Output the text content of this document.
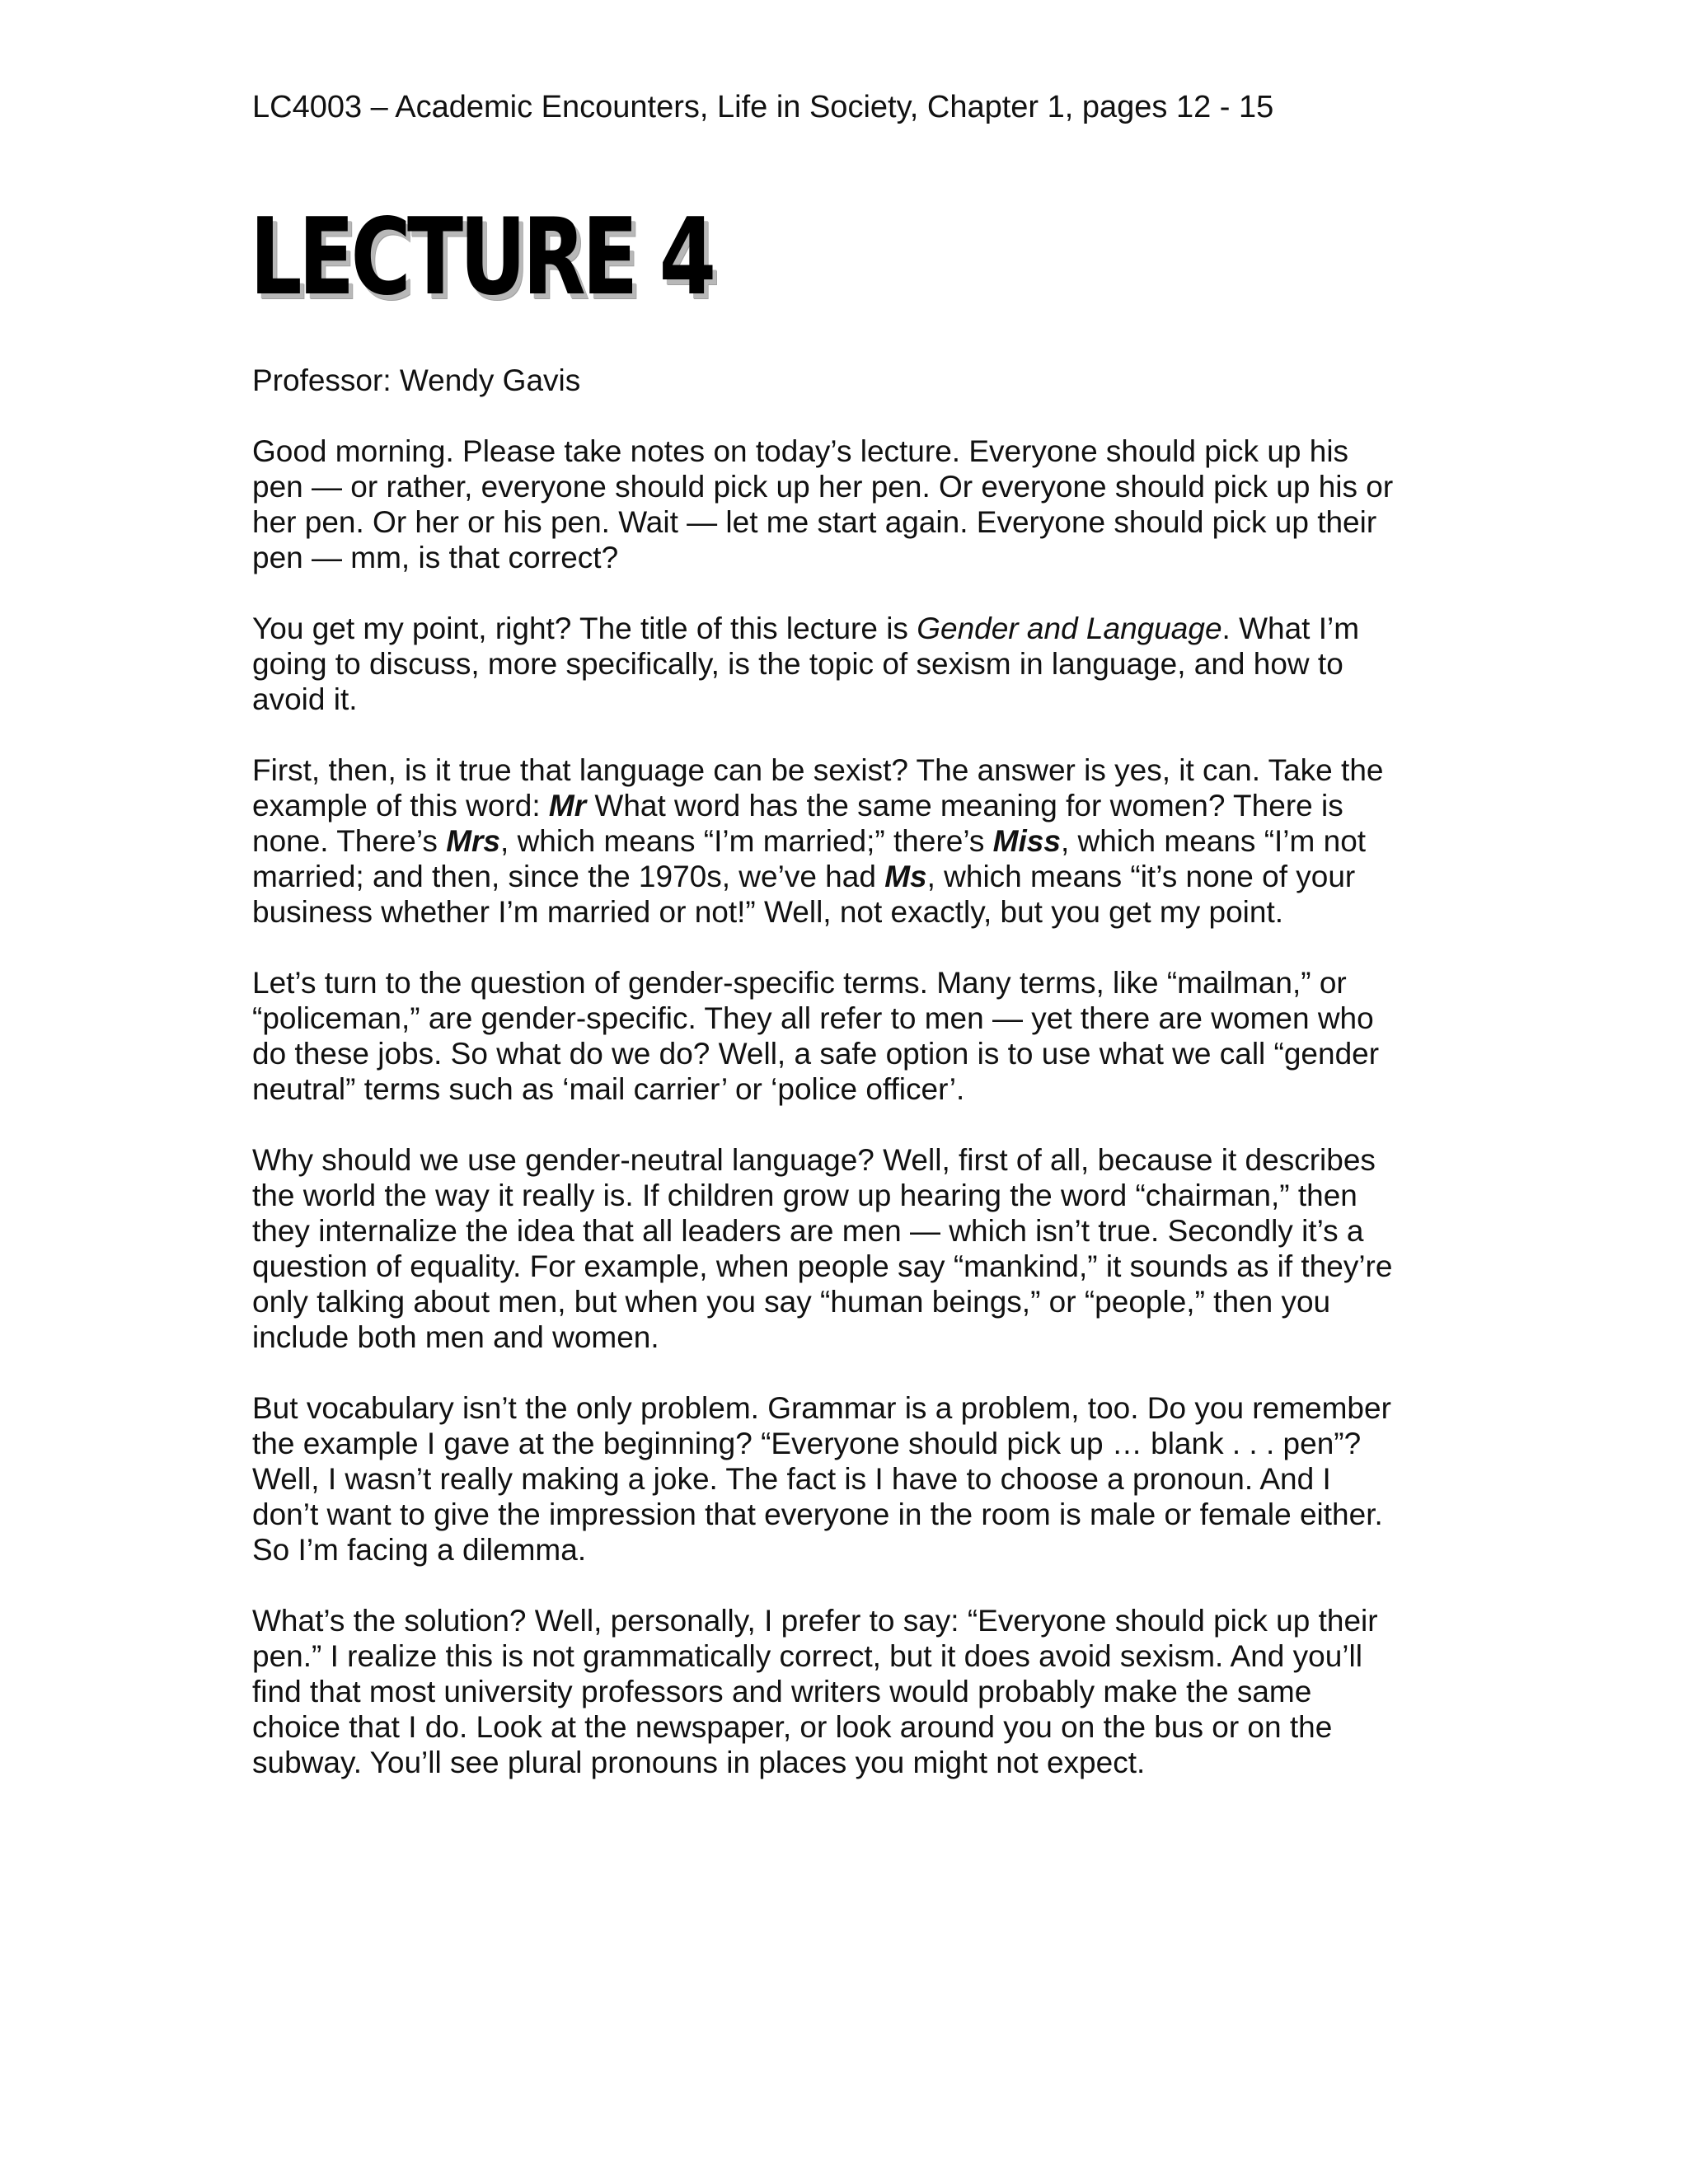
LC4003 – Academic Encounters, Life in Society, Chapter 1, pages 12 - 15
LECTURE 4

Professor: Wendy Gavis

Good morning. Please take notes on today’s lecture. Everyone should pick up his
pen — or rather, everyone should pick up her pen. Or everyone should pick up his or
her pen. Or her or his pen. Wait — let me start again. Everyone should pick up their
pen — mm, is that correct?

You get my point, right? The title of this lecture is Gender and Language. What I’m
going to discuss, more specifically, is the topic of sexism in language, and how to
avoid it.

First, then, is it true that language can be sexist? The answer is yes, it can. Take the
example of this word: Mr What word has the same meaning for women? There is
none. There’s Mrs, which means “I’m married;” there’s Miss, which means “I’m not
married; and then, since the 1970s, we’ve had Ms, which means “it’s none of your
business whether I’m married or not!” Well, not exactly, but you get my point.

Let’s turn to the question of gender-specific terms. Many terms, like “mailman,” or
“policeman,” are gender-specific. They all refer to men — yet there are women who
do these jobs. So what do we do? Well, a safe option is to use what we call “gender
neutral” terms such as ‘mail carrier’ or ‘police officer’.

Why should we use gender-neutral language? Well, first of all, because it describes
the world the way it really is. If children grow up hearing the word “chairman,” then
they internalize the idea that all leaders are men — which isn’t true. Secondly it’s a
question of equality. For example, when people say “mankind,” it sounds as if they’re
only talking about men, but when you say “human beings,” or “people,” then you
include both men and women.

But vocabulary isn’t the only problem. Grammar is a problem, too. Do you remember
the example I gave at the beginning? “Everyone should pick up … blank . . . pen”?
Well, I wasn’t really making a joke. The fact is I have to choose a pronoun. And I
don’t want to give the impression that everyone in the room is male or female either.
So I’m facing a dilemma.

What’s the solution? Well, personally, I prefer to say: “Everyone should pick up their
pen.” I realize this is not grammatically correct, but it does avoid sexism. And you’ll
find that most university professors and writers would probably make the same
choice that I do. Look at the newspaper, or look around you on the bus or on the
subway. You’ll see plural pronouns in places you might not expect.
